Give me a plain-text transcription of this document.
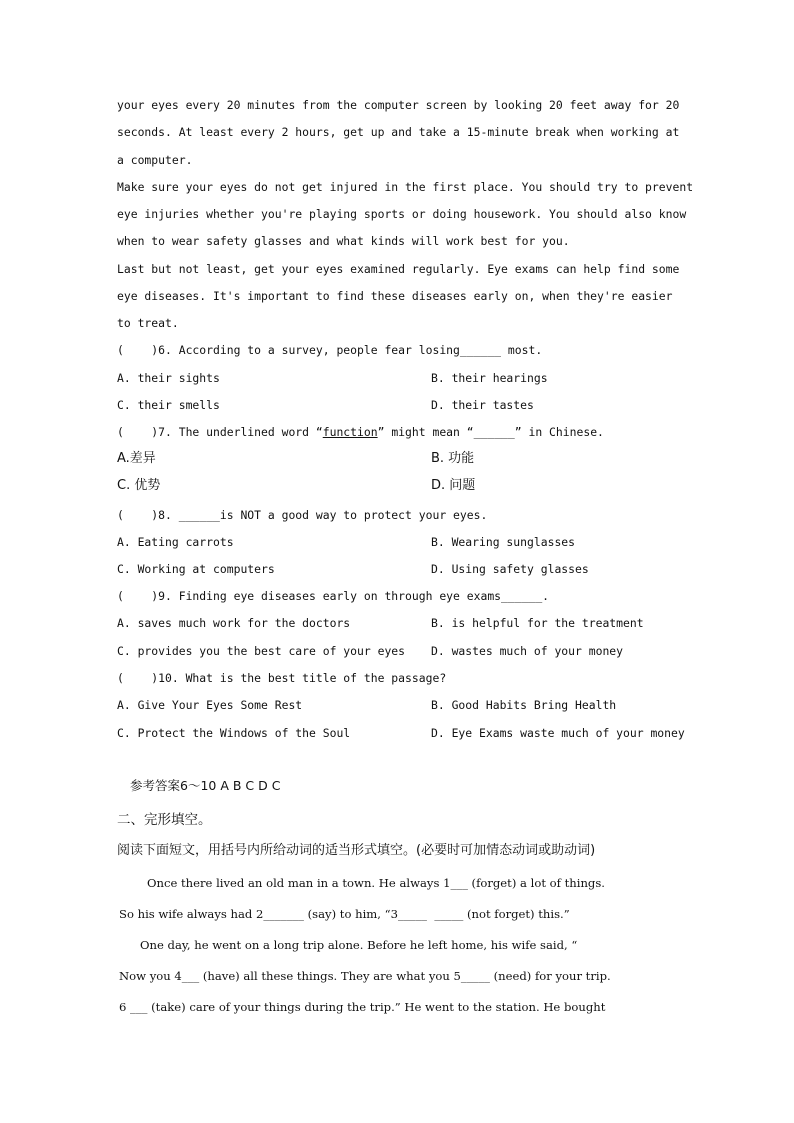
your eyes every 20 minutes from the computer screen by looking 20 feet away for 20
seconds. At least every 2 hours, get up and take a 15-minute break when working at
a computer.
Make sure your eyes do not get injured in the first place. You should try to prevent
eye injuries whether you're playing sports or doing housework. You should also know
when to wear safety glasses and what kinds will work best for you.
Last but not least, get your eyes examined regularly. Eye exams can help find some
eye diseases. It's important to find these diseases early on, when they're easier
to treat.
(    )6. According to a survey, people fear losing______ most.
A. their sights	B. their hearings
C. their smells	D. their tastes
(    )7. The underlined word “function” might mean “______” in Chinese.
A.差异	B. 功能
C. 优势	D. 问题
(    )8. ______is NOT a good way to protect your eyes.
A. Eating carrots	B. Wearing sunglasses
C. Working at computers	D. Using safety glasses
(    )9. Finding eye diseases early on through eye exams______.
A. saves much work for the doctors	B. is helpful for the treatment
C. provides you the best care of your eyes D. wastes much of your money
(    )10. What is the best title of the passage?
A. Give Your Eyes Some Rest	B. Good Habits Bring Health
C. Protect the Windows of the Soul	D. Eye Exams waste much of your money
参考答案6～10 A B C D C
二、完形填空。
阅读下面短文，用括号内所给动词的适当形式填空。(必要时可加情态动词或助动词)
Once there lived an old man in a town. He always 1___ (forget) a lot of things.
So his wife always had 2_______ (say) to him, “3_____  _____ (not forget) this.”
One day, he went on a long trip alone. Before he left home, his wife said, “
Now you 4___ (have) all these things. They are what you 5_____ (need) for your trip.
6 ___ (take) care of your things during the trip.” He went to the station. He bought
